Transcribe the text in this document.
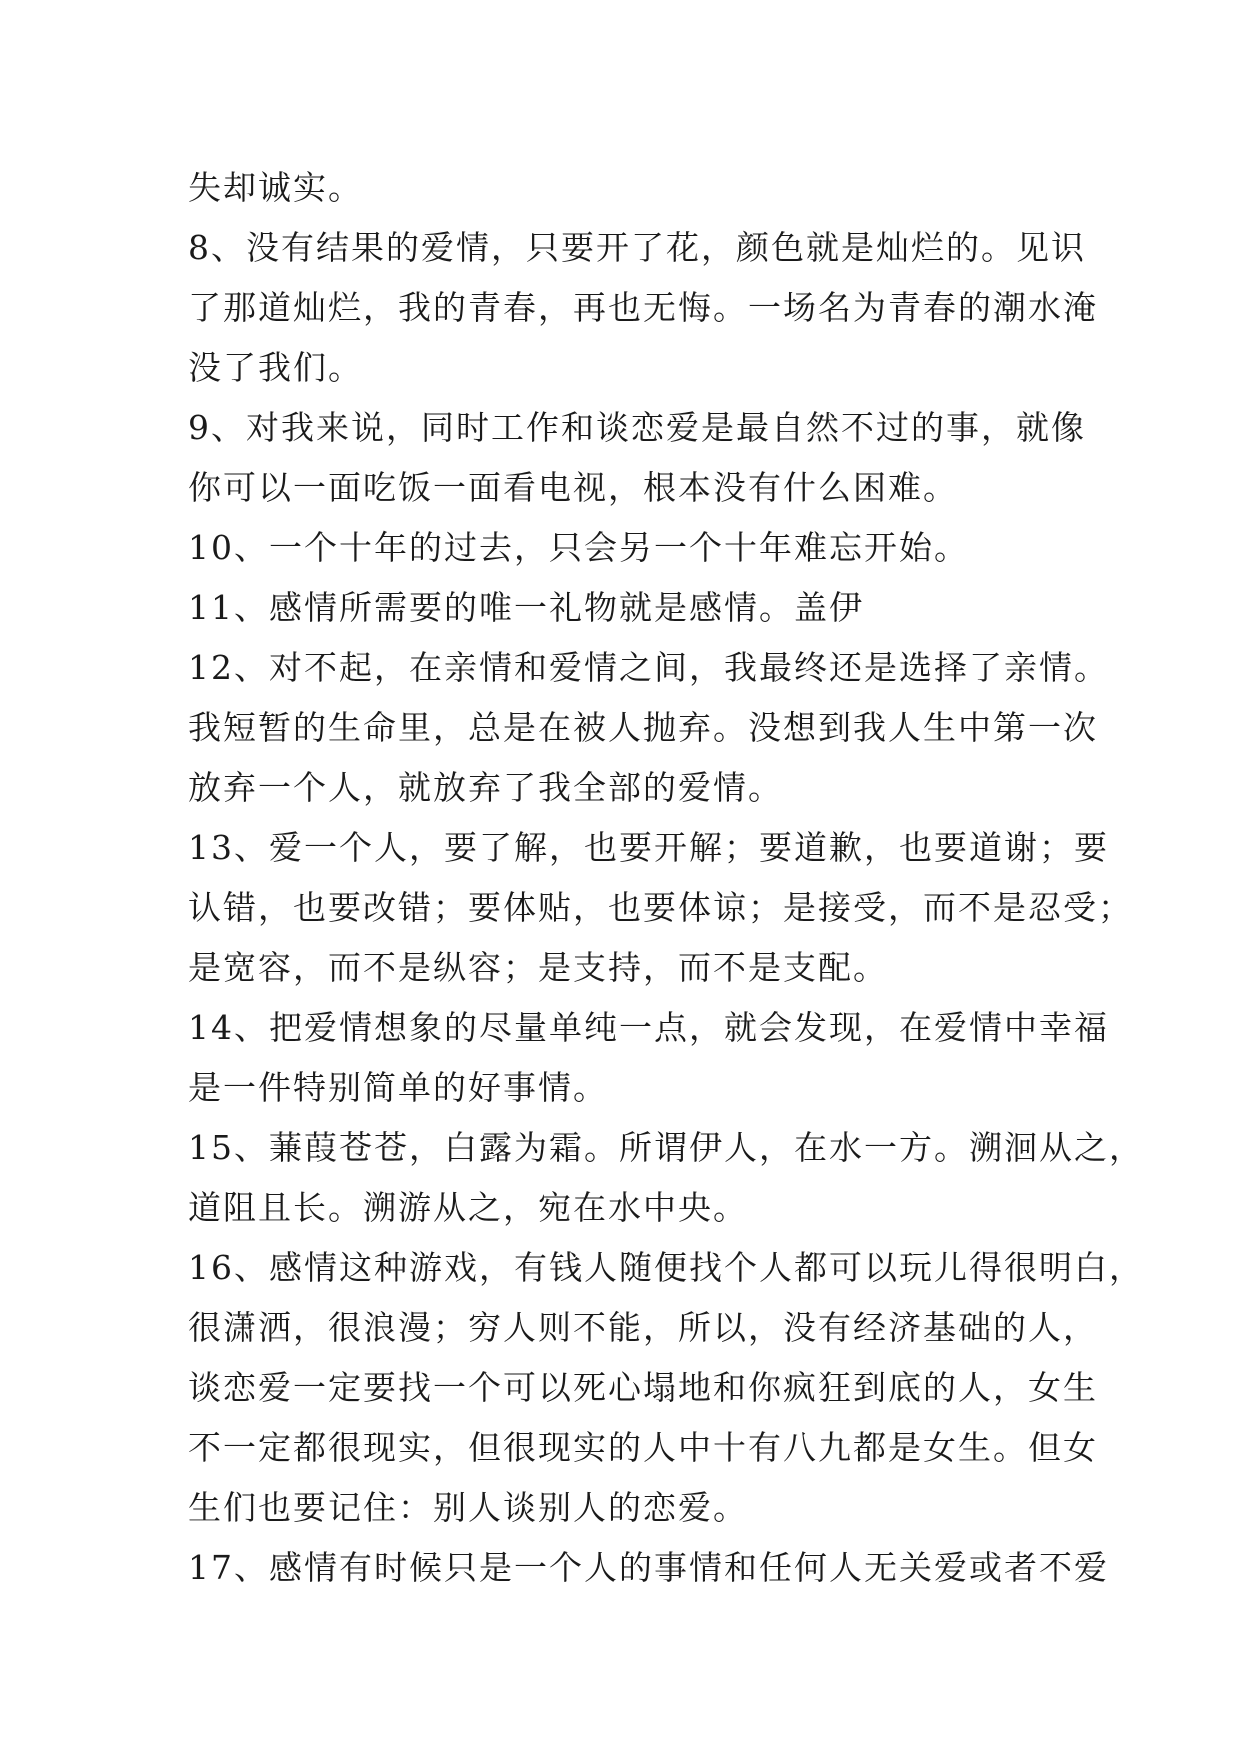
失却诚实。
8、没有结果的爱情，只要开了花，颜色就是灿烂的。见识
了那道灿烂，我的青春，再也无悔。一场名为青春的潮水淹
没了我们。
9、对我来说，同时工作和谈恋爱是最自然不过的事，就像
你可以一面吃饭一面看电视，根本没有什么困难。
10、一个十年的过去，只会另一个十年难忘开始。
11、感情所需要的唯一礼物就是感情。盖伊
12、对不起，在亲情和爱情之间，我最终还是选择了亲情。
我短暂的生命里，总是在被人抛弃。没想到我人生中第一次
放弃一个人，就放弃了我全部的爱情。
13、爱一个人，要了解，也要开解；要道歉，也要道谢；要
认错，也要改错；要体贴，也要体谅；是接受，而不是忍受；
是宽容，而不是纵容；是支持，而不是支配。
14、把爱情想象的尽量单纯一点，就会发现，在爱情中幸福
是一件特别简单的好事情。
15、蒹葭苍苍，白露为霜。所谓伊人，在水一方。溯洄从之，
道阻且长。溯游从之，宛在水中央。
16、感情这种游戏，有钱人随便找个人都可以玩儿得很明白，
很潇洒，很浪漫；穷人则不能，所以，没有经济基础的人，
谈恋爱一定要找一个可以死心塌地和你疯狂到底的人，女生
不一定都很现实，但很现实的人中十有八九都是女生。但女
生们也要记住：别人谈别人的恋爱。
17、感情有时候只是一个人的事情和任何人无关爱或者不爱
